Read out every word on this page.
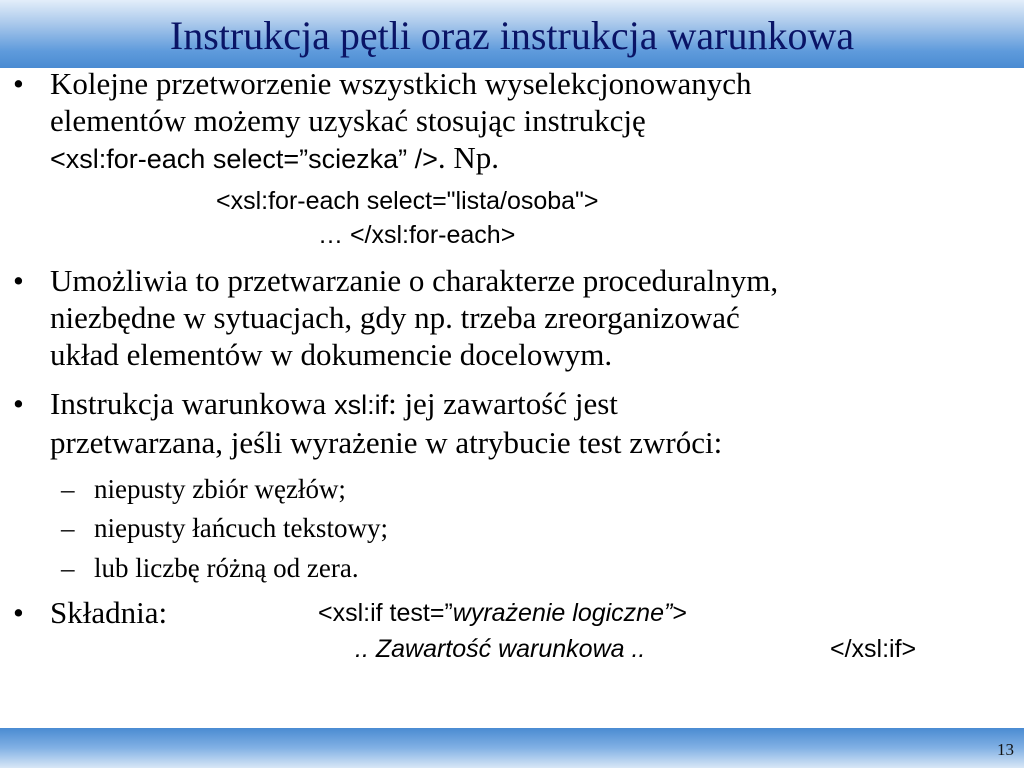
Instrukcja pętli oraz instrukcja warunkowa
• Kolejne przetworzenie wszystkich wyselekcjonowanych
elementów możemy uzyskać stosując instrukcję
<xsl:for-each select=”sciezka” />. Np.
<xsl:for-each select="lista/osoba">
… </xsl:for-each>
• Umożliwia to przetwarzanie o charakterze proceduralnym,
niezbędne w sytuacjach, gdy np. trzeba zreorganizować
układ elementów w dokumencie docelowym.
• Instrukcja warunkowa xsl:if: jej zawartość jest
przetwarzana, jeśli wyrażenie w atrybucie test zwróci:
– niepusty zbiór węzłów;
– niepusty łańcuch tekstowy;
– lub liczbę różną od zera.
• Składnia:	<xsl:if test=”wyrażenie logiczne”>
.. Zawartość warunkowa ..	</xsl:if>
13
